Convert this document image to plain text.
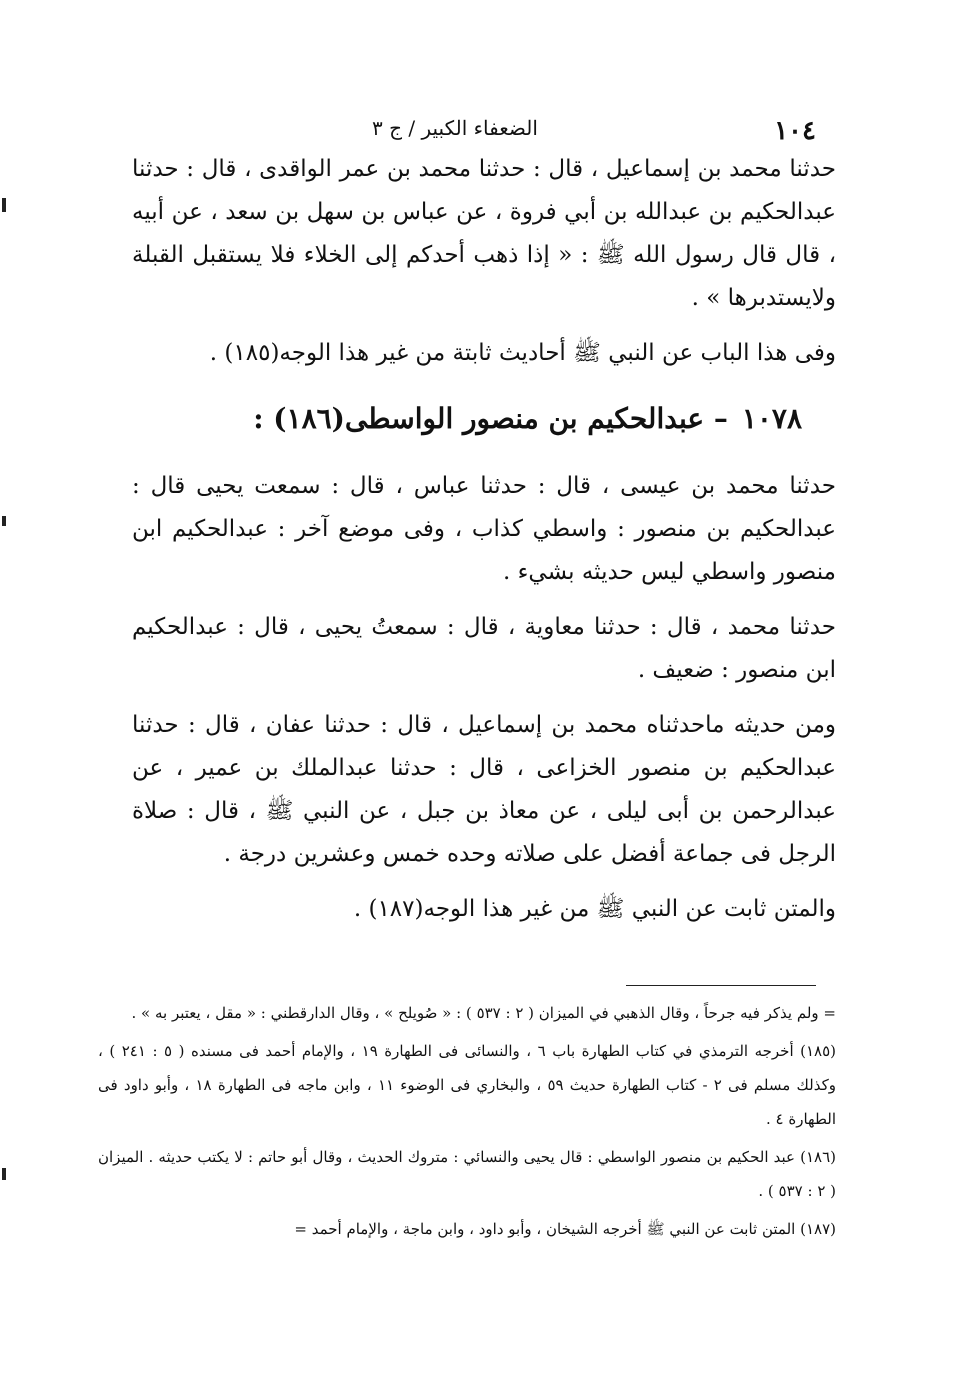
١٠٤
الضعفاء الكبير / ج ٣

حدثنا محمد بن إسماعيل ، قال : حدثنا محمد بن عمر الواقدى ، قال : حدثنا عبدالحكيم بن عبدالله بن أبي فروة ، عن عباس بن سهل بن سعد ، عن أبيه ، قال قال رسول الله ﷺ : « إذا ذهب أحدكم إلى الخلاء فلا يستقبل القبلة ولايستدبرها » .

وفى هذا الباب عن النبي ﷺ أحاديث ثابتة من غير هذا الوجه(١٨٥) .

١٠٧٨– عبدالحكيم بن منصور الواسطى(١٨٦) :

حدثنا محمد بن عيسى ، قال : حدثنا عباس ، قال : سمعت يحيى قال : عبدالحكيم بن منصور : واسطي كذاب ، وفى موضع آخر : عبدالحكيم ابن منصور واسطي ليس حديثه بشيء .

حدثنا محمد ، قال : حدثنا معاوية ، قال : سمعتُ يحيى ، قال : عبدالحكيم ابن منصور : ضعيف .

ومن حديثه ماحدثناه محمد بن إسماعيل ، قال : حدثنا عفان ، قال : حدثنا عبدالحكيم بن منصور الخزاعى ، قال : حدثنا عبدالملك بن عمير ، عن عبدالرحمن بن أبى ليلى ، عن معاذ بن جبل ، عن النبي ﷺ ، قال : صلاة الرجل فى جماعة أفضل على صلاته وحده خمس وعشرين درجة .

والمتن ثابت عن النبي ﷺ من غير هذا الوجه(١٨٧) .

= ولم يذكر فيه جرحاً ، وقال الذهبي في الميزان ( ٢ : ٥٣٧ ) : « صُويلح » ، وقال الدارقطني : « مقل ، يعتبر به » .

(١٨٥) أخرجه الترمذي في كتاب الطهارة باب ٦ ، والنسائى فى الطهارة ١٩ ، والإمام أحمد فى مسنده ( ٥ : ٢٤١ ) ، وكذلك مسلم فى ٢ - كتاب الطهارة حديث ٥٩ ، والبخاري فى الوضوء ١١ ، وابن ماجه فى الطهارة ١٨ ، وأبو داود فى الطهارة ٤ .

(١٨٦) عبد الحكيم بن منصور الواسطي : قال يحيى والنسائي : متروك الحديث ، وقال أبو حاتم : لا يكتب حديثه . الميزان ( ٢ : ٥٣٧ ) .

(١٨٧) المتن ثابت عن النبي ﷺ أخرجه الشيخان ، وأبو داود ، وابن ماجة ، والإمام أحمد =
